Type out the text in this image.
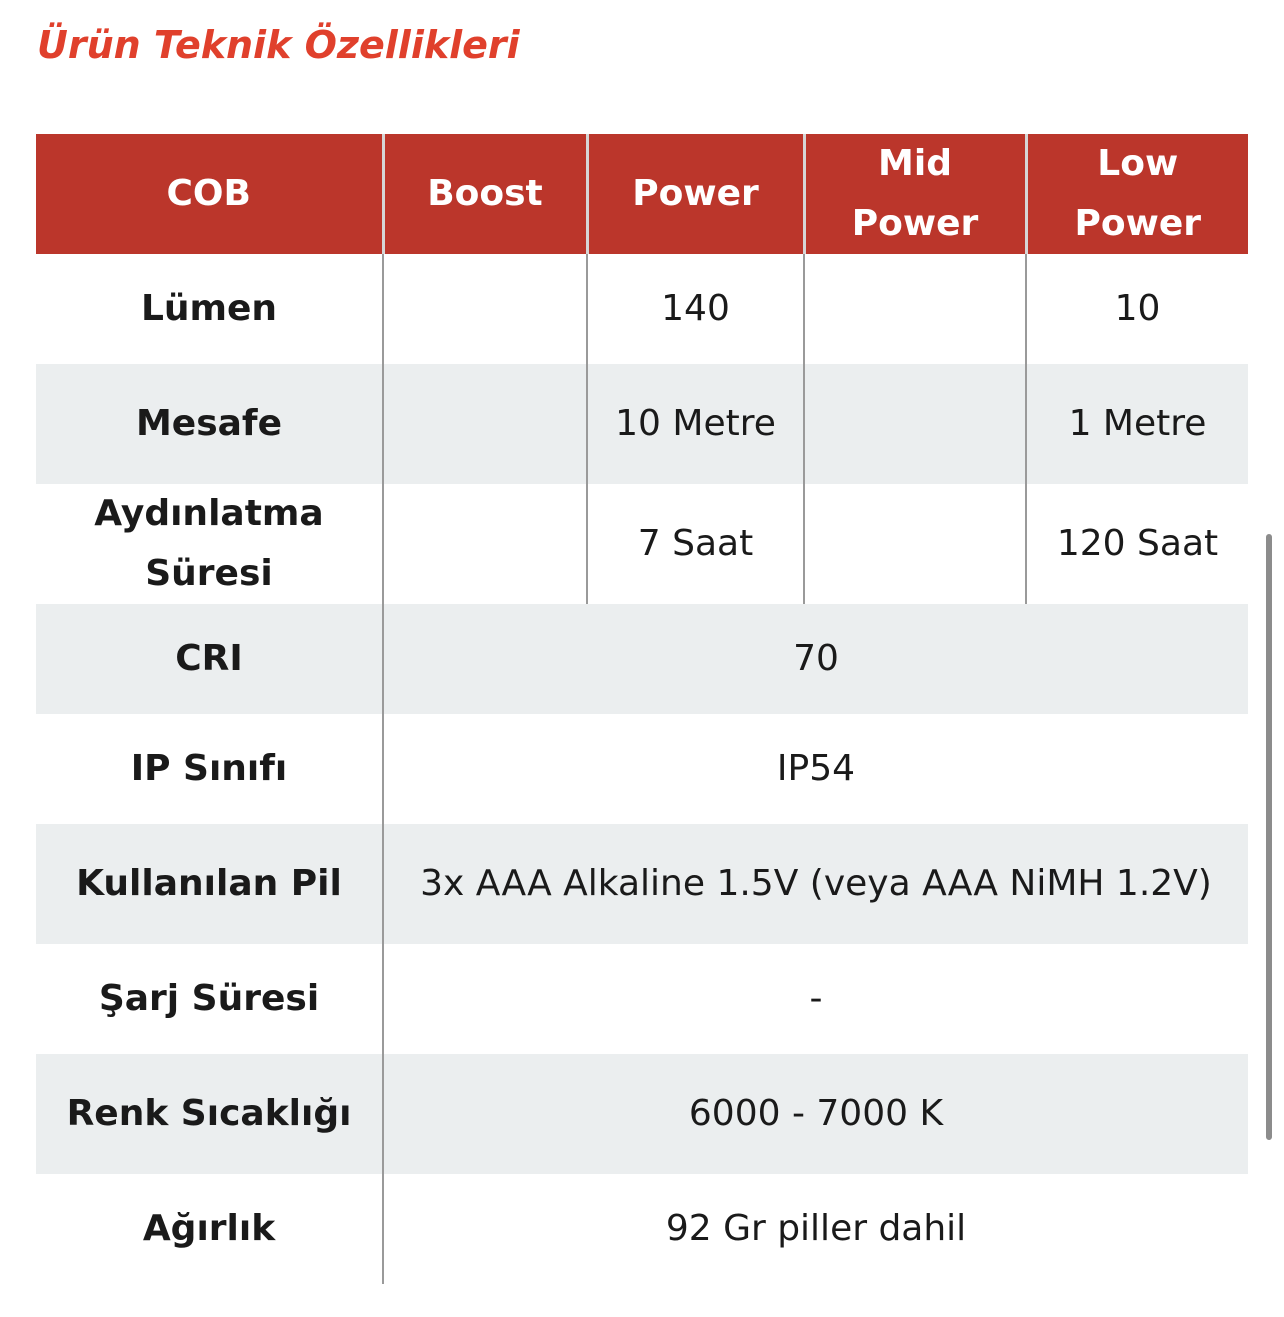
Ürün Teknik Özellikleri
COB	Boost	Power	Mid Power	Low Power
Lümen		140		10
Mesafe		10 Metre		1 Metre
Aydınlatma Süresi		7 Saat		120 Saat
CRI	70			
IP Sınıfı	IP54			
Kullanılan Pil	3x AAA Alkaline 1.5V (veya AAA NiMH 1.2V)			
Şarj Süresi	-			
Renk Sıcaklığı	6000 - 7000 K			
Ağırlık	92 Gr piller dahil			
